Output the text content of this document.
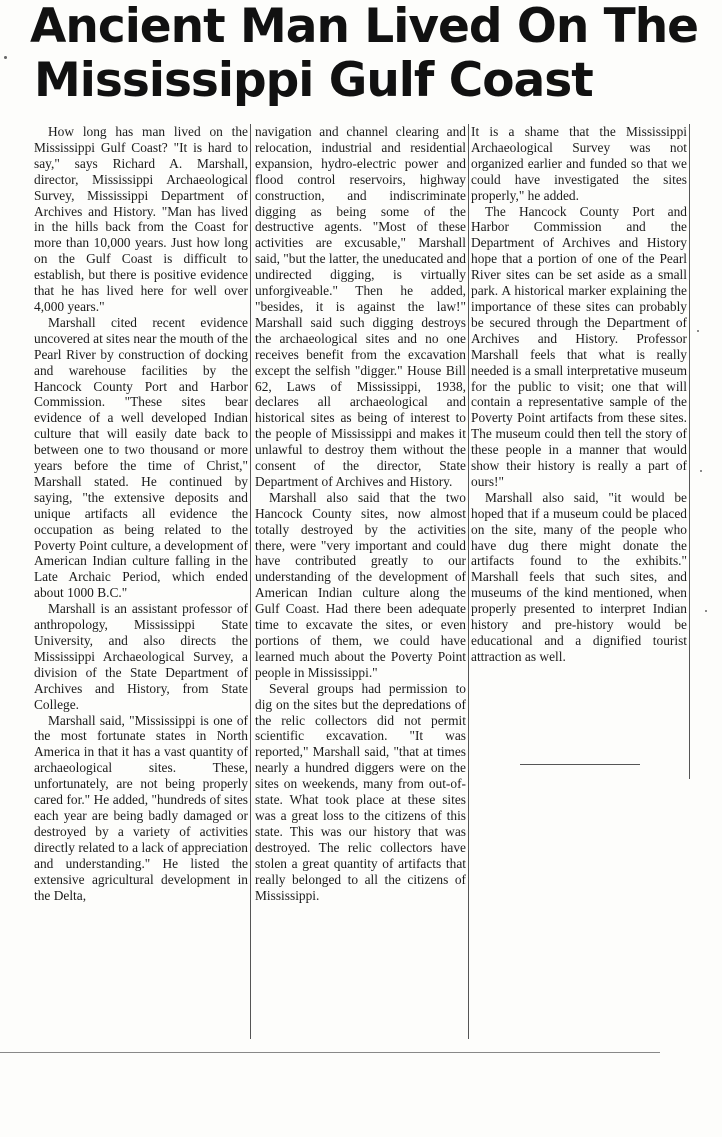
Ancient Man Lived On The
Mississippi Gulf Coast

How long has man lived on the Mississippi Gulf Coast? "It is hard to say," says Richard A. Marshall, director, Mississippi Archaeological Survey, Mississippi Department of Archives and History. "Man has lived in the hills back from the Coast for more than 10,000 years. Just how long on the Gulf Coast is difficult to establish, but there is positive evidence that he has lived here for well over 4,000 years."

Marshall cited recent evidence uncovered at sites near the mouth of the Pearl River by construction of docking and warehouse facilities by the Hancock County Port and Harbor Commission. "These sites bear evidence of a well developed Indian culture that will easily date back to between one to two thousand or more years before the time of Christ," Marshall stated. He continued by saying, "the extensive deposits and unique artifacts all evidence the occupation as being related to the Poverty Point culture, a development of American Indian culture falling in the Late Archaic Period, which ended about 1000 B.C."

Marshall is an assistant professor of anthropology, Mississippi State University, and also directs the Mississippi Archaeological Survey, a division of the State Department of Archives and History, from State College.

Marshall said, "Mississippi is one of the most fortunate states in North America in that it has a vast quantity of archaeological sites. These, unfortunately, are not being properly cared for." He added, "hundreds of sites each year are being badly damaged or destroyed by a variety of activities directly related to a lack of appreciation and understanding." He listed the extensive agricultural development in the Delta,

navigation and channel clearing and relocation, industrial and residential expansion, hydro-electric power and flood control reservoirs, highway construction, and indiscriminate digging as being some of the destructive agents. "Most of these activities are excusable," Marshall said, "but the latter, the uneducated and undirected digging, is virtually unforgiveable." Then he added, "besides, it is against the law!" Marshall said such digging destroys the archaeological sites and no one receives benefit from the excavation except the selfish "digger." House Bill 62, Laws of Mississippi, 1938, declares all archaeological and historical sites as being of interest to the people of Mississippi and makes it unlawful to destroy them without the consent of the director, State Department of Archives and History.

Marshall also said that the two Hancock County sites, now almost totally destroyed by the activities there, were "very important and could have contributed greatly to our understanding of the development of American Indian culture along the Gulf Coast. Had there been adequate time to excavate the sites, or even portions of them, we could have learned much about the Poverty Point people in Mississippi."

Several groups had permission to dig on the sites but the depredations of the relic collectors did not permit scientific excavation. "It was reported," Marshall said, "that at times nearly a hundred diggers were on the sites on weekends, many from out-of-state. What took place at these sites was a great loss to the citizens of this state. This was our history that was destroyed. The relic collectors have stolen a great quantity of artifacts that really belonged to all the citizens of Mississippi.

It is a shame that the Mississippi Archaeological Survey was not organized earlier and funded so that we could have investigated the sites properly," he added.

The Hancock County Port and Harbor Commission and the Department of Archives and History hope that a portion of one of the Pearl River sites can be set aside as a small park. A historical marker explaining the importance of these sites can probably be secured through the Department of Archives and History. Professor Marshall feels that what is really needed is a small interpretative museum for the public to visit; one that will contain a representative sample of the Poverty Point artifacts from these sites. The museum could then tell the story of these people in a manner that would show their history is really a part of ours!"

Marshall also said, "it would be hoped that if a museum could be placed on the site, many of the people who have dug there might donate the artifacts found to the exhibits." Marshall feels that such sites, and museums of the kind mentioned, when properly presented to interpret Indian history and pre-history would be educational and a dignified tourist attraction as well.
